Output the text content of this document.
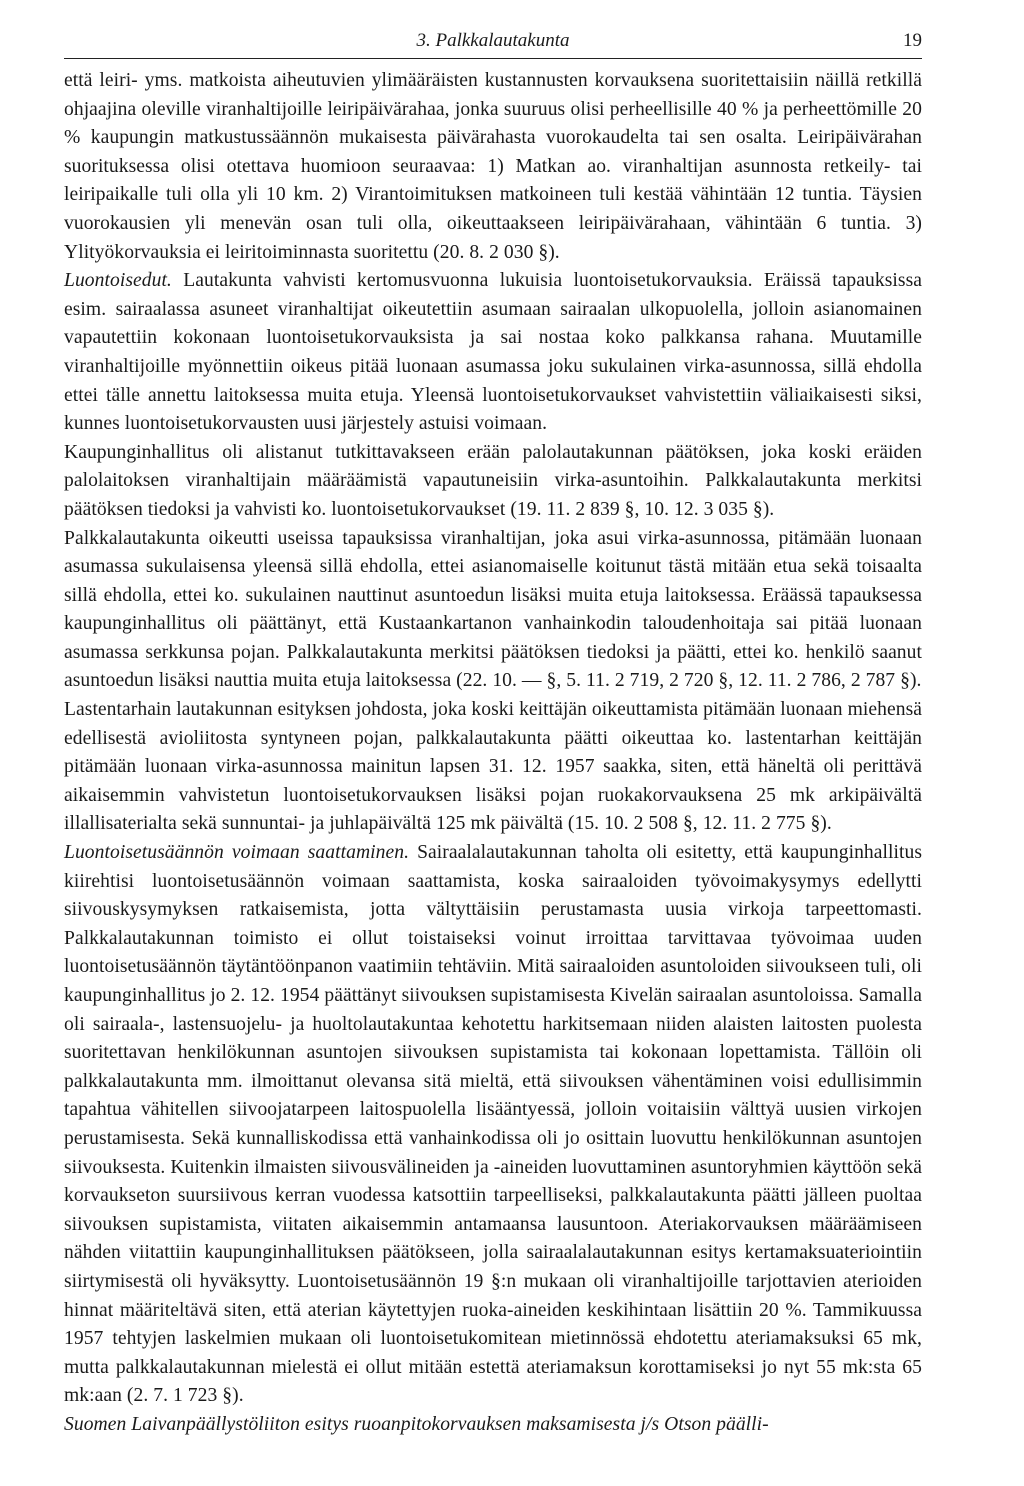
3. Palkkalautakunta	19

että leiri- yms. matkoista aiheutuvien ylimääräisten kustannusten korvauksena suoritettaisiin näillä retkillä ohjaajina oleville viranhaltijoille leiripäivärahaa, jonka suuruus olisi perheellisille 40 % ja perheettömille 20 % kaupungin matkustussäännön mukaisesta päivärahasta vuorokaudelta tai sen osalta. Leiripäivärahan suorituksessa olisi otettava huomioon seuraavaa: 1) Matkan ao. viranhaltijan asunnosta retkeily- tai leiripaikalle tuli olla yli 10 km. 2) Virantoimituksen matkoineen tuli kestää vähintään 12 tuntia. Täysien vuorokausien yli menevän osan tuli olla, oikeuttaakseen leiripäivärahaan, vähintään 6 tuntia. 3) Ylityökorvauksia ei leiritoiminnasta suoritettu (20. 8. 2 030 §).

Luontoisedut. Lautakunta vahvisti kertomusvuonna lukuisia luontoisetukorvauksia. Eräissä tapauksissa esim. sairaalassa asuneet viranhaltijat oikeutettiin asumaan sairaalan ulkopuolella, jolloin asianomainen vapautettiin kokonaan luontoisetukorvauksista ja sai nostaa koko palkkansa rahana. Muutamille viranhaltijoille myönnettiin oikeus pitää luonaan asumassa joku sukulainen virka-asunnossa, sillä ehdolla ettei tälle annettu laitoksessa muita etuja. Yleensä luontoisetukorvaukset vahvistettiin väliaikaisesti siksi, kunnes luontoisetukorvausten uusi järjestely astuisi voimaan.

Kaupunginhallitus oli alistanut tutkittavakseen erään palolautakunnan päätöksen, joka koski eräiden palolaitoksen viranhaltijain määräämistä vapautuneisiin virka-asuntoihin. Palkkalautakunta merkitsi päätöksen tiedoksi ja vahvisti ko. luontoisetukorvaukset (19. 11. 2 839 §, 10. 12. 3 035 §).

Palkkalautakunta oikeutti useissa tapauksissa viranhaltijan, joka asui virka-asunnossa, pitämään luonaan asumassa sukulaisensa yleensä sillä ehdolla, ettei asianomaiselle koitunut tästä mitään etua sekä toisaalta sillä ehdolla, ettei ko. sukulainen nauttinut asuntoedun lisäksi muita etuja laitoksessa. Eräässä tapauksessa kaupunginhallitus oli päättänyt, että Kustaankartanon vanhainkodin taloudenhoitaja sai pitää luonaan asumassa serkkunsa pojan. Palkkalautakunta merkitsi päätöksen tiedoksi ja päätti, ettei ko. henkilö saanut asuntoedun lisäksi nauttia muita etuja laitoksessa (22. 10. — §, 5. 11. 2 719, 2 720 §, 12. 11. 2 786, 2 787 §).

Lastentarhain lautakunnan esityksen johdosta, joka koski keittäjän oikeuttamista pitämään luonaan miehensä edellisestä avioliitosta syntyneen pojan, palkkalautakunta päätti oikeuttaa ko. lastentarhan keittäjän pitämään luonaan virka-asunnossa mainitun lapsen 31. 12. 1957 saakka, siten, että häneltä oli perittävä aikaisemmin vahvistetun luontoisetukorvauksen lisäksi pojan ruokakorvauksena 25 mk arkipäivältä illallisaterialta sekä sunnuntai- ja juhlapäivältä 125 mk päivältä (15. 10. 2 508 §, 12. 11. 2 775 §).

Luontoisetusäännön voimaan saattaminen. Sairaalalautakunnan taholta oli esitetty, että kaupunginhallitus kiirehtisi luontoisetusäännön voimaan saattamista, koska sairaaloiden työvoimakysymys edellytti siivouskysymyksen ratkaisemista, jotta vältyttäisiin perustamasta uusia virkoja tarpeettomasti. Palkkalautakunnan toimisto ei ollut toistaiseksi voinut irroittaa tarvittavaa työvoimaa uuden luontoisetusäännön täytäntöönpanon vaatimiin tehtäviin. Mitä sairaaloiden asuntoloiden siivoukseen tuli, oli kaupunginhallitus jo 2. 12. 1954 päättänyt siivouksen supistamisesta Kivelän sairaalan asuntoloissa. Samalla oli sairaala-, lastensuojelu- ja huoltolautakuntaa kehotettu harkitsemaan niiden alaisten laitosten puolesta suoritettavan henkilökunnan asuntojen siivouksen supistamista tai kokonaan lopettamista. Tällöin oli palkkalautakunta mm. ilmoittanut olevansa sitä mieltä, että siivouksen vähentäminen voisi edullisimmin tapahtua vähitellen siivoojatarpeen laitospuolella lisääntyessä, jolloin voitaisiin välttyä uusien virkojen perustamisesta. Sekä kunnalliskodissa että vanhainkodissa oli jo osittain luovuttu henkilökunnan asuntojen siivouksesta. Kuitenkin ilmaisten siivousvälineiden ja -aineiden luovuttaminen asuntoryhmien käyttöön sekä korvaukseton suursiivous kerran vuodessa katsottiin tarpeelliseksi, palkkalautakunta päätti jälleen puoltaa siivouksen supistamista, viitaten aikaisemmin antamaansa lausuntoon. Ateriakorvauksen määräämiseen nähden viitattiin kaupunginhallituksen päätökseen, jolla sairaalalautakunnan esitys kertamaksuateriointiin siirtymisestä oli hyväksytty. Luontoisetusäännön 19 §:n mukaan oli viranhaltijoille tarjottavien aterioiden hinnat määriteltävä siten, että aterian käytettyjen ruoka-aineiden keskihintaan lisättiin 20 %. Tammikuussa 1957 tehtyjen laskelmien mukaan oli luontoisetukomitean mietinnössä ehdotettu ateriamaksuksi 65 mk, mutta palkkalautakunnan mielestä ei ollut mitään estettä ateriamaksun korottamiseksi jo nyt 55 mk:sta 65 mk:aan (2. 7. 1 723 §).

Suomen Laivanpäällystöliiton esitys ruoanpitokorvauksen maksamisesta j/s Otson päälli-
